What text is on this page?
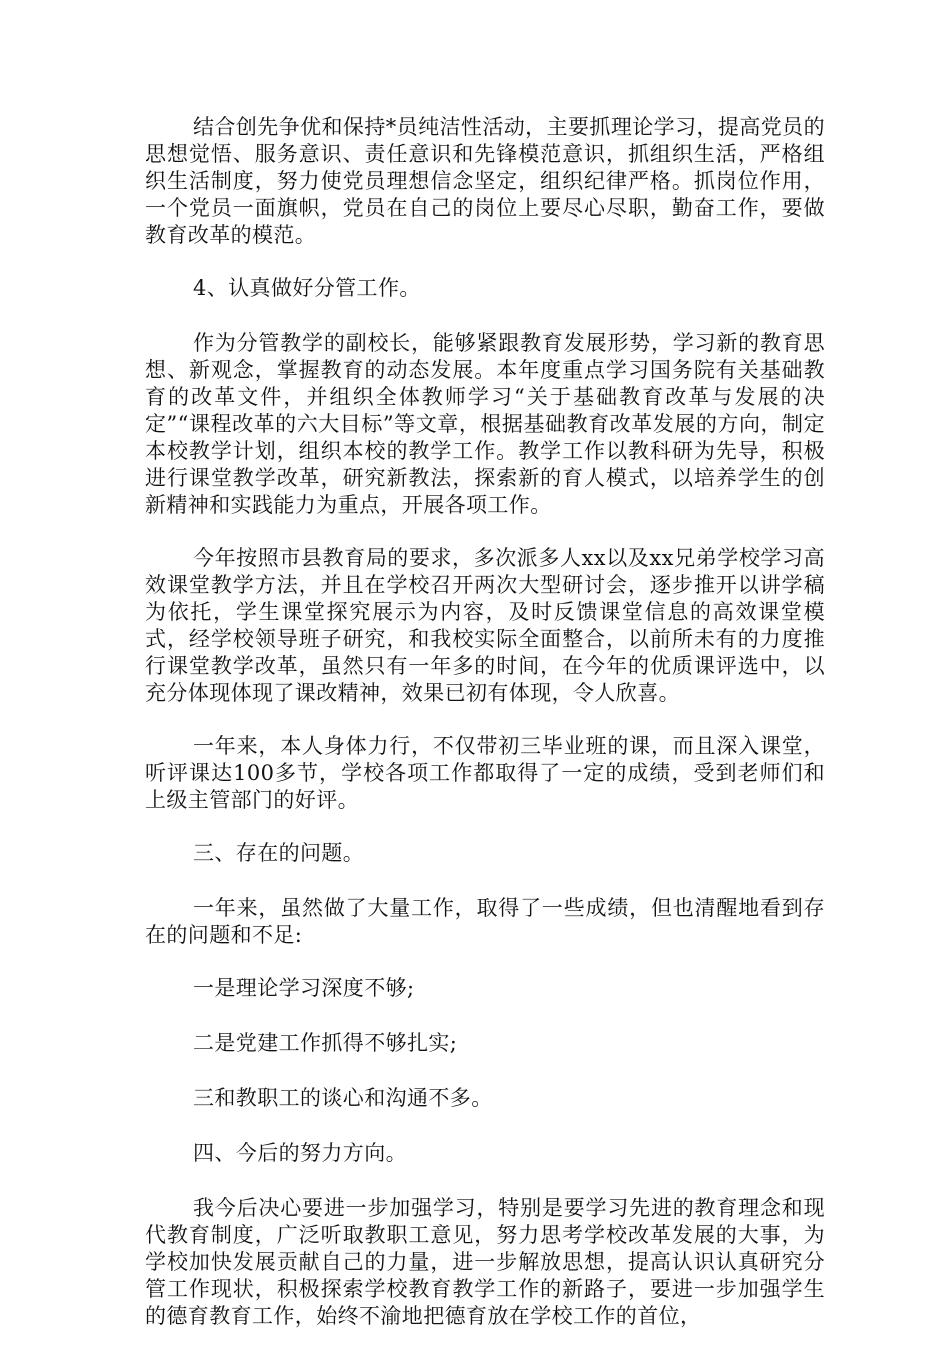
结合创先争优和保持*员纯洁性活动，主要抓理论学习，提高党员的思想觉悟、服务意识、责任意识和先锋模范意识，抓组织生活，严格组织生活制度，努力使党员理想信念坚定，组织纪律严格。抓岗位作用，一个党员一面旗帜，党员在自己的岗位上要尽心尽职，勤奋工作，要做教育改革的模范。

4、认真做好分管工作。

作为分管教学的副校长，能够紧跟教育发展形势，学习新的教育思想、新观念，掌握教育的动态发展。本年度重点学习国务院有关基础教育的改革文件，并组织全体教师学习“关于基础教育改革与发展的决定”“课程改革的六大目标”等文章，根据基础教育改革发展的方向，制定本校教学计划，组织本校的教学工作。教学工作以教科研为先导，积极进行课堂教学改革，研究新教法，探索新的育人模式，以培养学生的创新精神和实践能力为重点，开展各项工作。

今年按照市县教育局的要求，多次派多人xx以及xx兄弟学校学习高效课堂教学方法，并且在学校召开两次大型研讨会，逐步推开以讲学稿为依托，学生课堂探究展示为内容，及时反馈课堂信息的高效课堂模式，经学校领导班子研究，和我校实际全面整合，以前所未有的力度推行课堂教学改革，虽然只有一年多的时间，在今年的优质课评选中，以充分体现体现了课改精神，效果已初有体现，令人欣喜。

一年来，本人身体力行，不仅带初三毕业班的课，而且深入课堂，听评课达100多节，学校各项工作都取得了一定的成绩，受到老师们和上级主管部门的好评。

三、存在的问题。

一年来，虽然做了大量工作，取得了一些成绩，但也清醒地看到存在的问题和不足:

一是理论学习深度不够;

二是党建工作抓得不够扎实;

三和教职工的谈心和沟通不多。

四、今后的努力方向。

我今后决心要进一步加强学习，特别是要学习先进的教育理念和现代教育制度，广泛听取教职工意见，努力思考学校改革发展的大事，为学校加快发展贡献自己的力量，进一步解放思想，提高认识认真研究分管工作现状，积极探索学校教育教学工作的新路子，要进一步加强学生的德育教育工作，始终不渝地把德育放在学校工作的首位，
